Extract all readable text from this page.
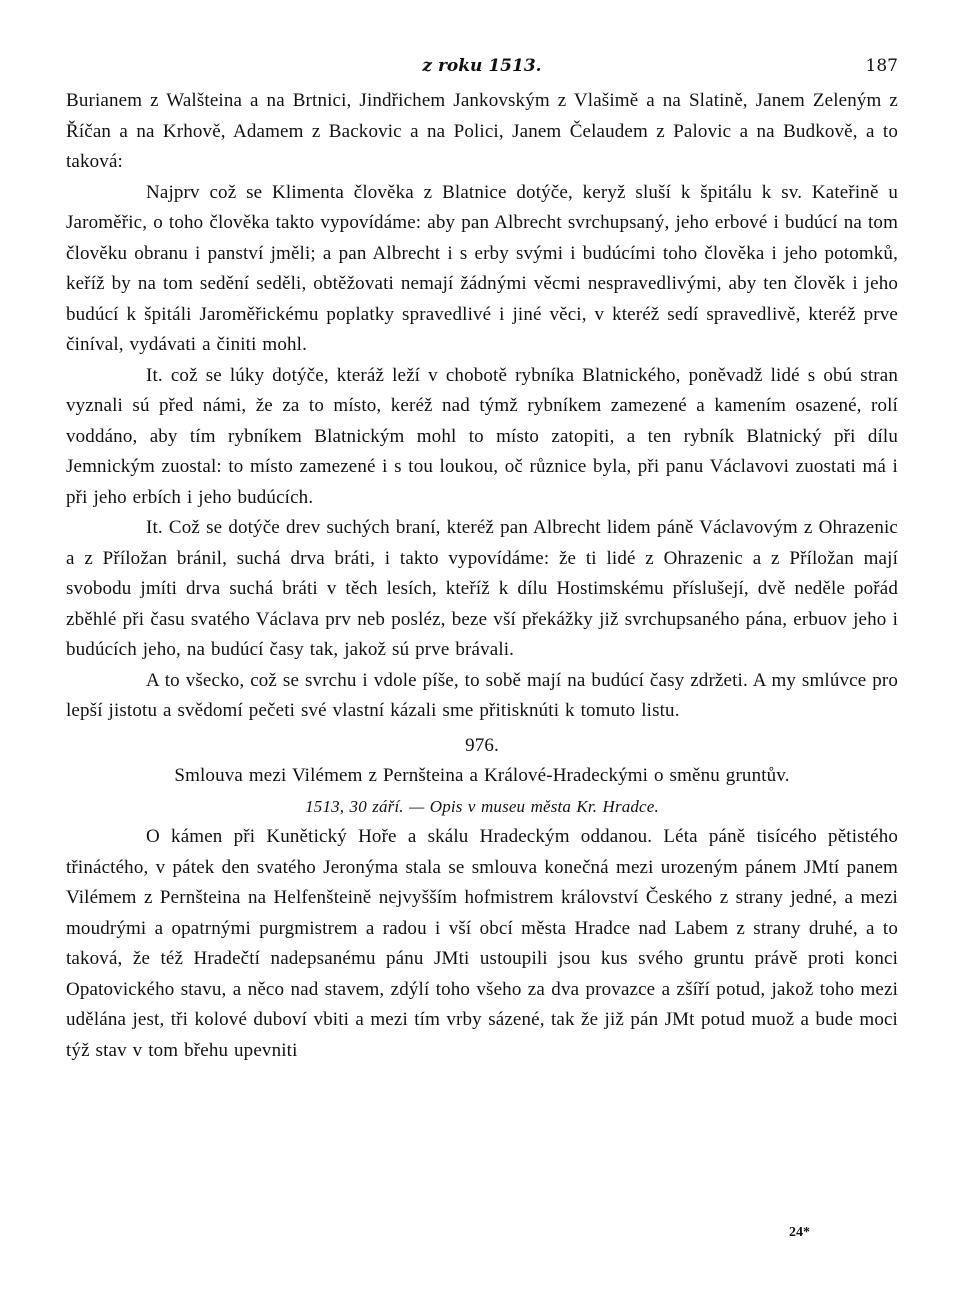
z roku 1513.	187

Burianem z Walšteina a na Brtnici, Jindřichem Jankovským z Vlašimě a na Slatině, Janem Zeleným z Říčan a na Krhově, Adamem z Backovic a na Polici, Janem Čelaudem z Palovic a na Budkově, a to taková:

Najprv což se Klimenta člověka z Blatnice dotýče, keryž sluší k špitálu k sv. Kateřině u Jaroměřic, o toho člověka takto vypovídáme: aby pan Albrecht svrchupsaný, jeho erbové i budúcí na tom člověku obranu i panství jměli; a pan Albrecht i s erby svými i budúcími toho člověka i jeho potomků, keříž by na tom sedění seděli, obtěžovati nemají žádnými věcmi nespravedlivými, aby ten člověk i jeho budúcí k špitáli Jaroměřickému poplatky spravedlivé i jiné věci, v kteréž sedí spravedlivě, kteréž prve činíval, vydávati a činiti mohl.

It. což se lúky dotýče, kteráž leží v chobotě rybníka Blatnického, poněvadž lidé s obú stran vyznali sú před námi, že za to místo, keréž nad týmž rybníkem zamezené a kamením osazené, rolí voddáno, aby tím rybníkem Blatnickým mohl to místo zatopiti, a ten rybník Blatnický při dílu Jemnickým zuostal: to místo zamezené i s tou loukou, oč různice byla, při panu Václavovi zuostati má i při jeho erbích i jeho budúcích.

It. Což se dotýče drev suchých braní, kteréž pan Albrecht lidem páně Václavovým z Ohrazenic a z Příložan bránil, suchá drva bráti, i takto vypovídáme: že ti lidé z Ohrazenic a z Příložan mají svobodu jmíti drva suchá bráti v těch lesích, kteříž k dílu Hostimskému příslušejí, dvě neděle pořád zběhlé při času svatého Václava prv neb posléz, beze vší překážky již svrchupsaného pána, erbuov jeho i budúcích jeho, na budúcí časy tak, jakož sú prve brávali.

A to všecko, což se svrchu i vdole píše, to sobě mají na budúcí časy zdržeti. A my smlúvce pro lepší jistotu a svědomí pečeti své vlastní kázali sme přitisknúti k tomuto listu.

976.

Smlouva mezi Vilémem z Pernšteina a Králové-Hradeckými o směnu gruntův.

1513, 30 září. — Opis v museu města Kr. Hradce.

O kámen při Kunětický Hoře a skálu Hradeckým oddanou. Léta páně tisícého pětistého třináctého, v pátek den svatého Jeronýma stala se smlouva konečná mezi urozeným pánem JMtí panem Vilémem z Pernšteina na Helfenšteině nejvyšším hofmistrem království Českého z strany jedné, a mezi moudrými a opatrnými purgmistrem a radou i vší obcí města Hradce nad Labem z strany druhé, a to taková, že též Hradečtí nadepsanému pánu JMti ustoupili jsou kus svého gruntu právě proti konci Opatovického stavu, a něco nad stavem, zdýlí toho všeho za dva provazce a zšíří potud, jakož toho mezi udělána jest, tři kolové duboví vbiti a mezi tím vrby sázené, tak že již pán JMt potud muož a bude moci týž stav v tom břehu upevniti

24*
